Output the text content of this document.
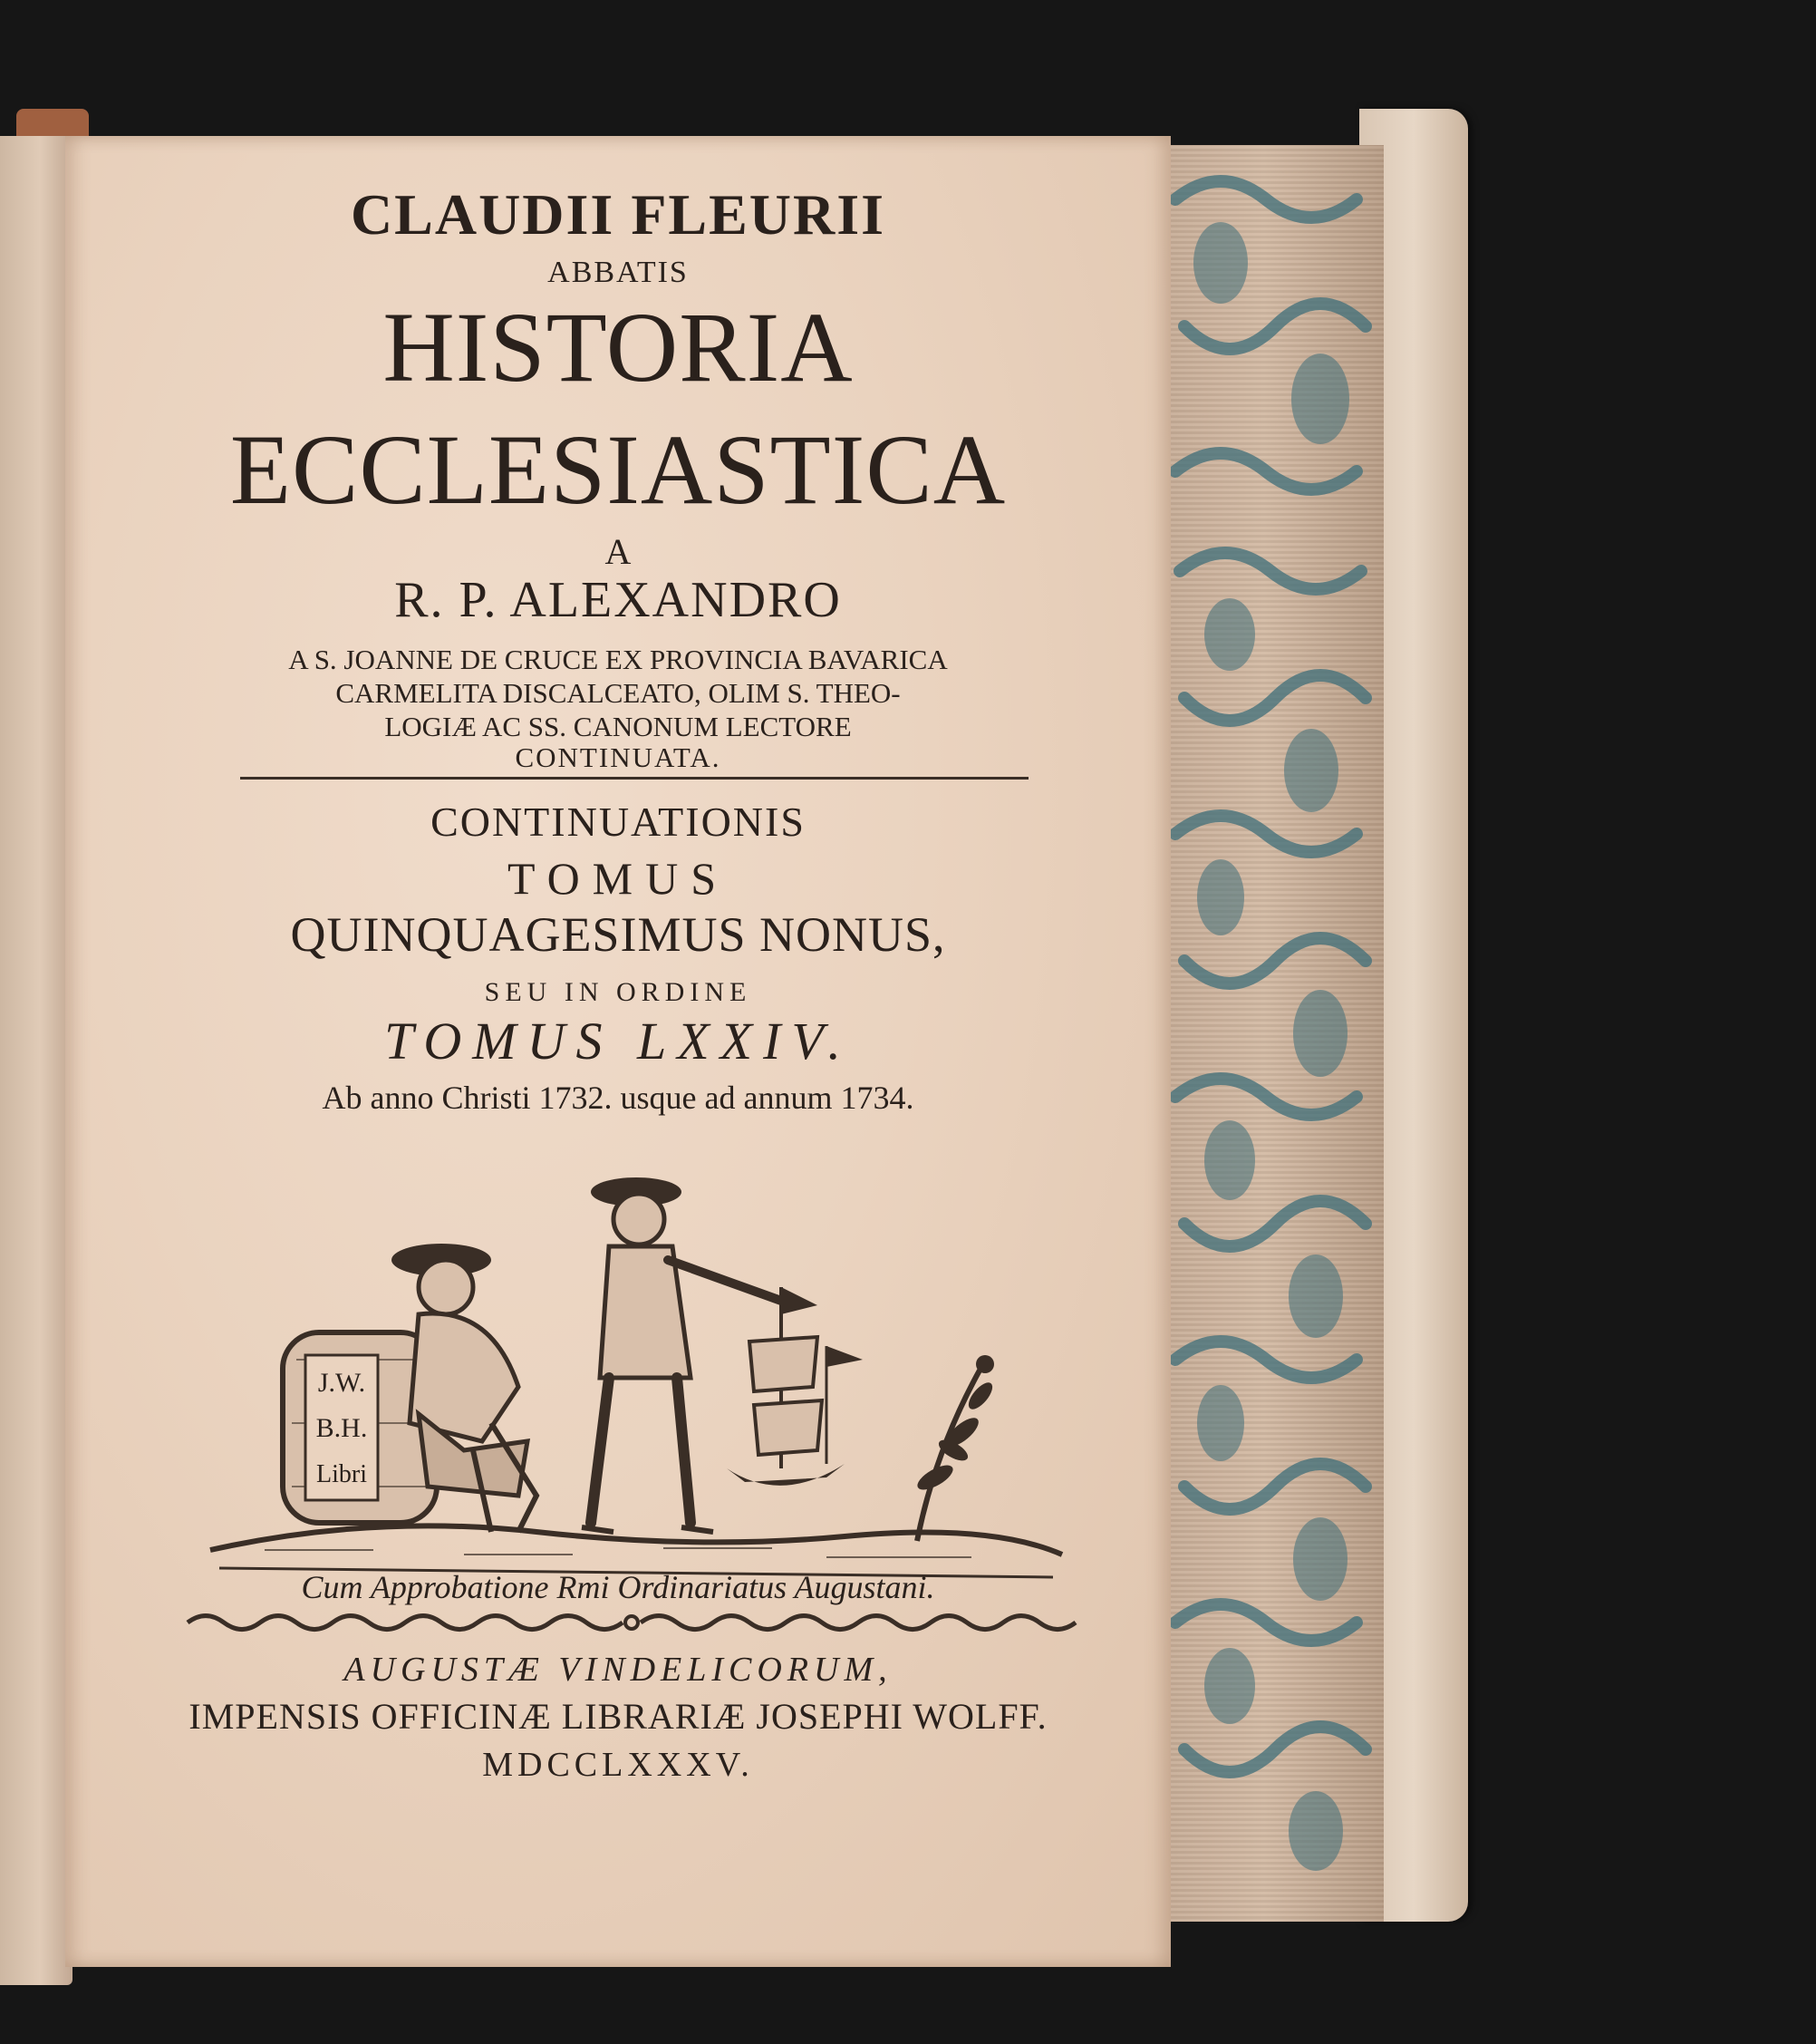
CLAUDII FLEURII

ABBATIS

HISTORIA

ECCLESIASTICA

A

R. P. ALEXANDRO

A S. JOANNE DE CRUCE EX PROVINCIA BAVARICA

CARMELITA DISCALCEATO, OLIM S. THEO-

LOGIÆ AC SS. CANONUM LECTORE

CONTINUATA.

CONTINUATIONIS

TOMUS

QUINQUAGESIMUS NONUS,

SEU IN ORDINE

TOMUS LXXIV.

Ab anno Christi 1732. usque ad annum 1734.

J.W.
B.H.
Libri

Cum Approbatione Rmi Ordinariatus Augustani.

AUGUSTÆ VINDELICORUM,

IMPENSIS OFFICINÆ LIBRARIÆ JOSEPHI WOLFF.

MDCCLXXXV.
